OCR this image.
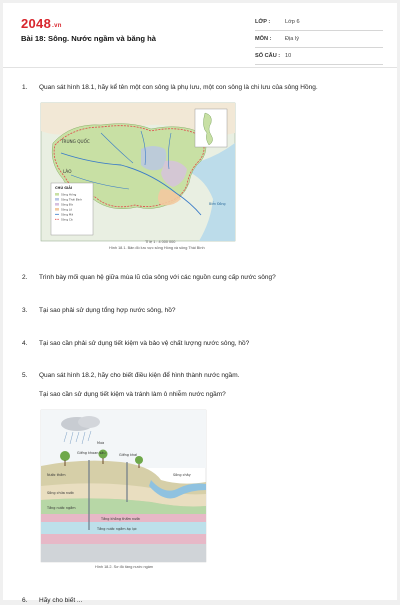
2048.vn
Bài 18: Sông. Nước ngầm và băng hà
LỚP :	Lớp 6
MÔN : Địa lý
SỐ CÂU : 10
1. Quan sát hình 18.1, hãy kể tên một con sông là phụ lưu, một con sông là chi lưu của sông Hồng.
CHÚ GIẢI
Sông Hồng
Sông Thái Bình
Sông Đà
Sông Lô
Sông Mã
Sông Cả
TRUNG QUỐC
LÀO
Biển Đông
Tỉ lệ 1 : 4 000 000
Hình 18.1. Bản đồ lưu vực sông Hồng và sông Thái Bình
2. Trình bày mối quan hệ giữa mùa lũ của sông với các nguồn cung cấp nước sông?
3. Tại sao phải sử dụng tổng hợp nước sông, hồ?
4. Tại sao cần phải sử dụng tiết kiệm và bảo vệ chất lượng nước sông, hồ?
5. Quan sát hình 18.2, hãy cho biết điều kiện để hình thành nước ngầm.
Tại sao cần sử dụng tiết kiệm và tránh làm ô nhiễm nước ngầm?
Mưa
Nước thấm
Giếng khoan sâu	Giếng khơi
Sông chảy
Sông chứa nước
Tầng nước ngầm
Tầng không thấm nước
Tầng nước ngầm áp lực
Hình 18.2. Sơ đồ tầng nước ngầm
6. Hãy cho biết ...
